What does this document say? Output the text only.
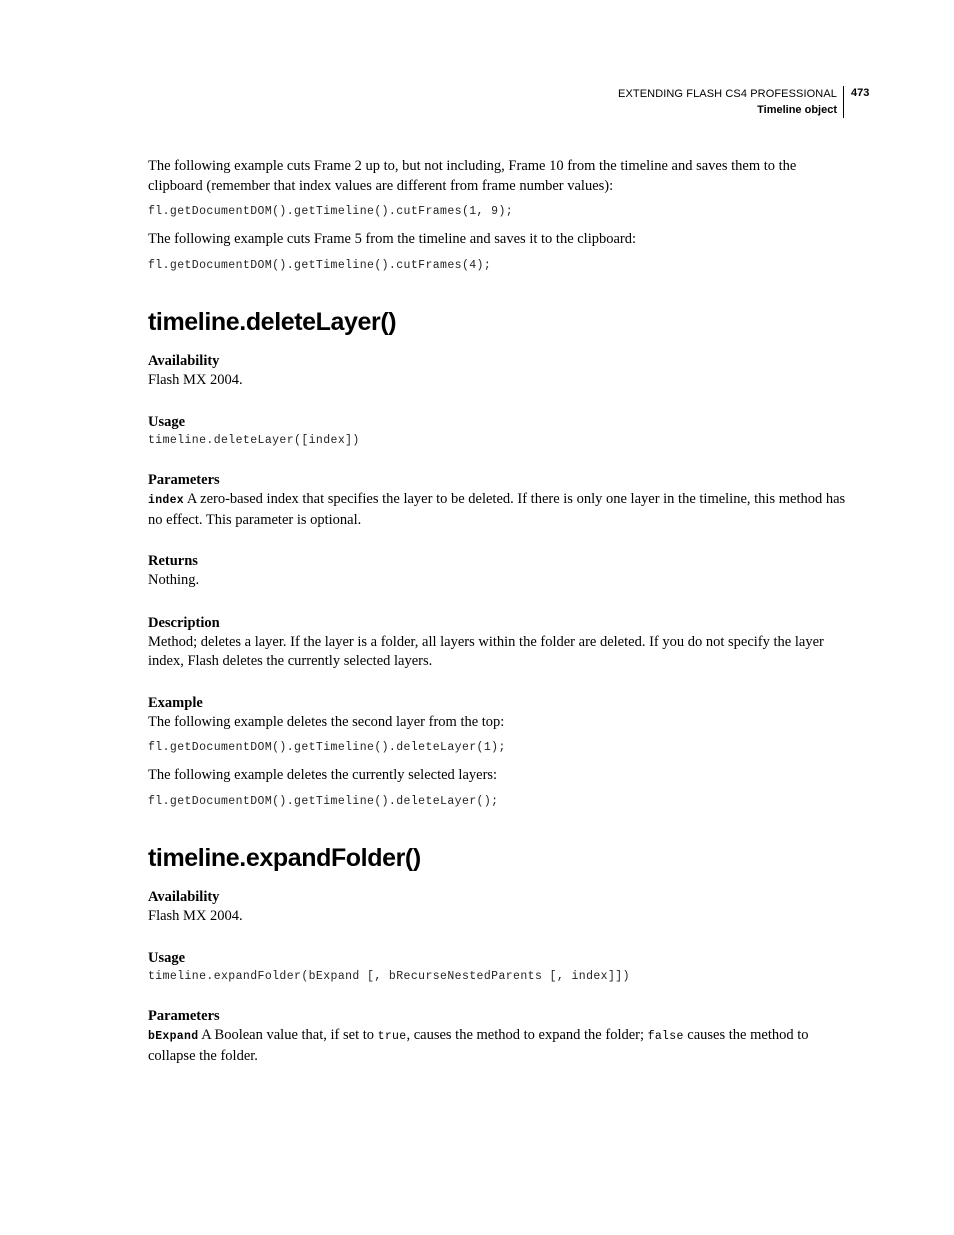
EXTENDING FLASH CS4 PROFESSIONAL
Timeline object
473

The following example cuts Frame 2 up to, but not including, Frame 10 from the timeline and saves them to the clipboard (remember that index values are different from frame number values):

fl.getDocumentDOM().getTimeline().cutFrames(1, 9);

The following example cuts Frame 5 from the timeline and saves it to the clipboard:

fl.getDocumentDOM().getTimeline().cutFrames(4);
timeline.deleteLayer()
Availability

Flash MX 2004.

Usage
timeline.deleteLayer([index])
Parameters

index A zero-based index that specifies the layer to be deleted. If there is only one layer in the timeline, this method has no effect. This parameter is optional.

Returns

Nothing.

Description

Method; deletes a layer. If the layer is a folder, all layers within the folder are deleted. If you do not specify the layer index, Flash deletes the currently selected layers.

Example

The following example deletes the second layer from the top:

fl.getDocumentDOM().getTimeline().deleteLayer(1);

The following example deletes the currently selected layers:

fl.getDocumentDOM().getTimeline().deleteLayer();
timeline.expandFolder()
Availability

Flash MX 2004.

Usage
timeline.expandFolder(bExpand [, bRecurseNestedParents [, index]])
Parameters

bExpand A Boolean value that, if set to true, causes the method to expand the folder; false causes the method to collapse the folder.
